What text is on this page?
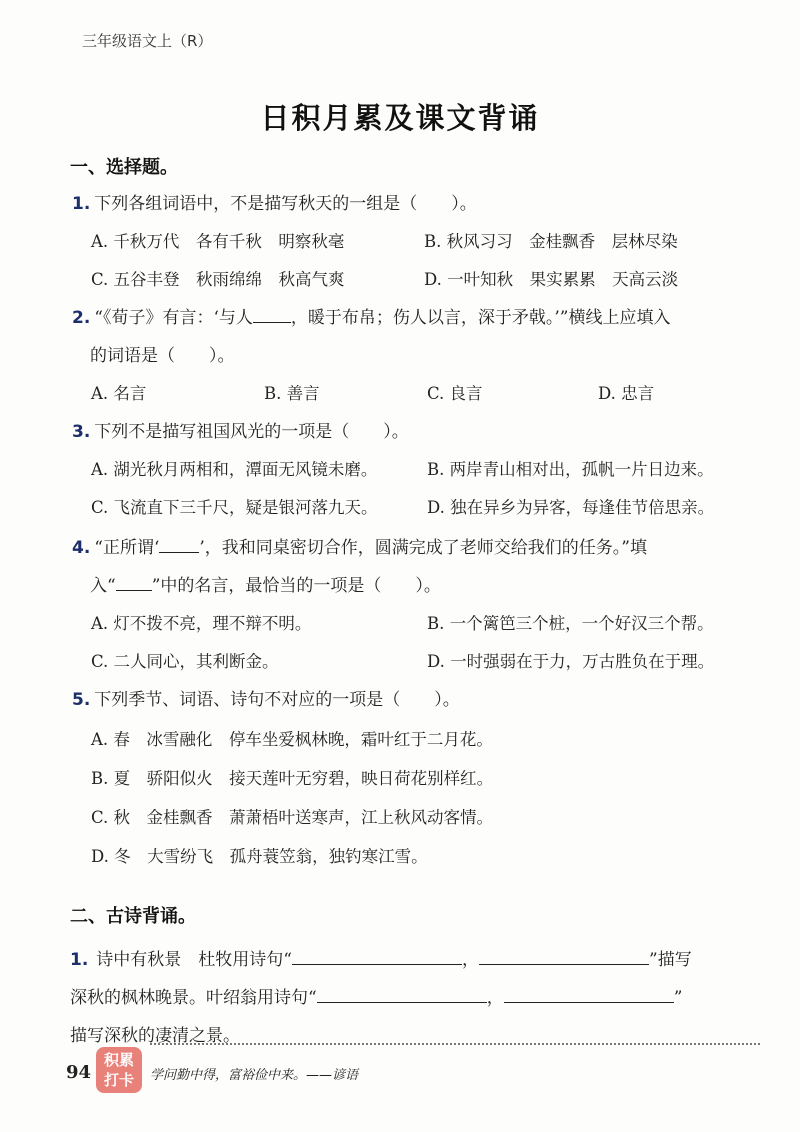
三年级语文上（R）
日积月累及课文背诵
一、选择题。
1. 下列各组词语中，不是描写秋天的一组是（ ）。
A. 千秋万代　各有千秋　明察秋毫	B. 秋风习习　金桂飘香　层林尽染
C. 五谷丰登　秋雨绵绵　秋高气爽	D. 一叶知秋　果实累累　天高云淡
2. “《荀子》有言：‘与人 ，暖于布帛；伤人以言，深于矛戟。’”横线上应填入
的词语是（ ）。
A. 名言	B. 善言	C. 良言	D. 忠言
3. 下列不是描写祖国风光的一项是（ ）。
A. 湖光秋月两相和，潭面无风镜未磨。	B. 两岸青山相对出，孤帆一片日边来。
C. 飞流直下三千尺，疑是银河落九天。	D. 独在异乡为异客，每逢佳节倍思亲。
4. “正所谓‘ ’，我和同桌密切合作，圆满完成了老师交给我们的任务。”填
入“ ”中的名言，最恰当的一项是（ ）。
A. 灯不拨不亮，理不辩不明。	B. 一个篱笆三个桩，一个好汉三个帮。
C. 二人同心，其利断金。	D. 一时强弱在于力，万古胜负在于理。
5. 下列季节、词语、诗句不对应的一项是（ ）。
A. 春　冰雪融化　停车坐爱枫林晚，霜叶红于二月花。
B. 夏　骄阳似火　接天莲叶无穷碧，映日荷花别样红。
C. 秋　金桂飘香　萧萧梧叶送寒声，江上秋风动客情。
D. 冬　大雪纷飞　孤舟蓑笠翁，独钓寒江雪。
二、古诗背诵。
1. 诗中有秋景　杜牧用诗句“	，	”描写
深秋的枫林晚景。叶绍翁用诗句“	，	”
描写深秋的凄清之景。
94
积累
打卡	学问勤中得，富裕俭中来。——谚语
